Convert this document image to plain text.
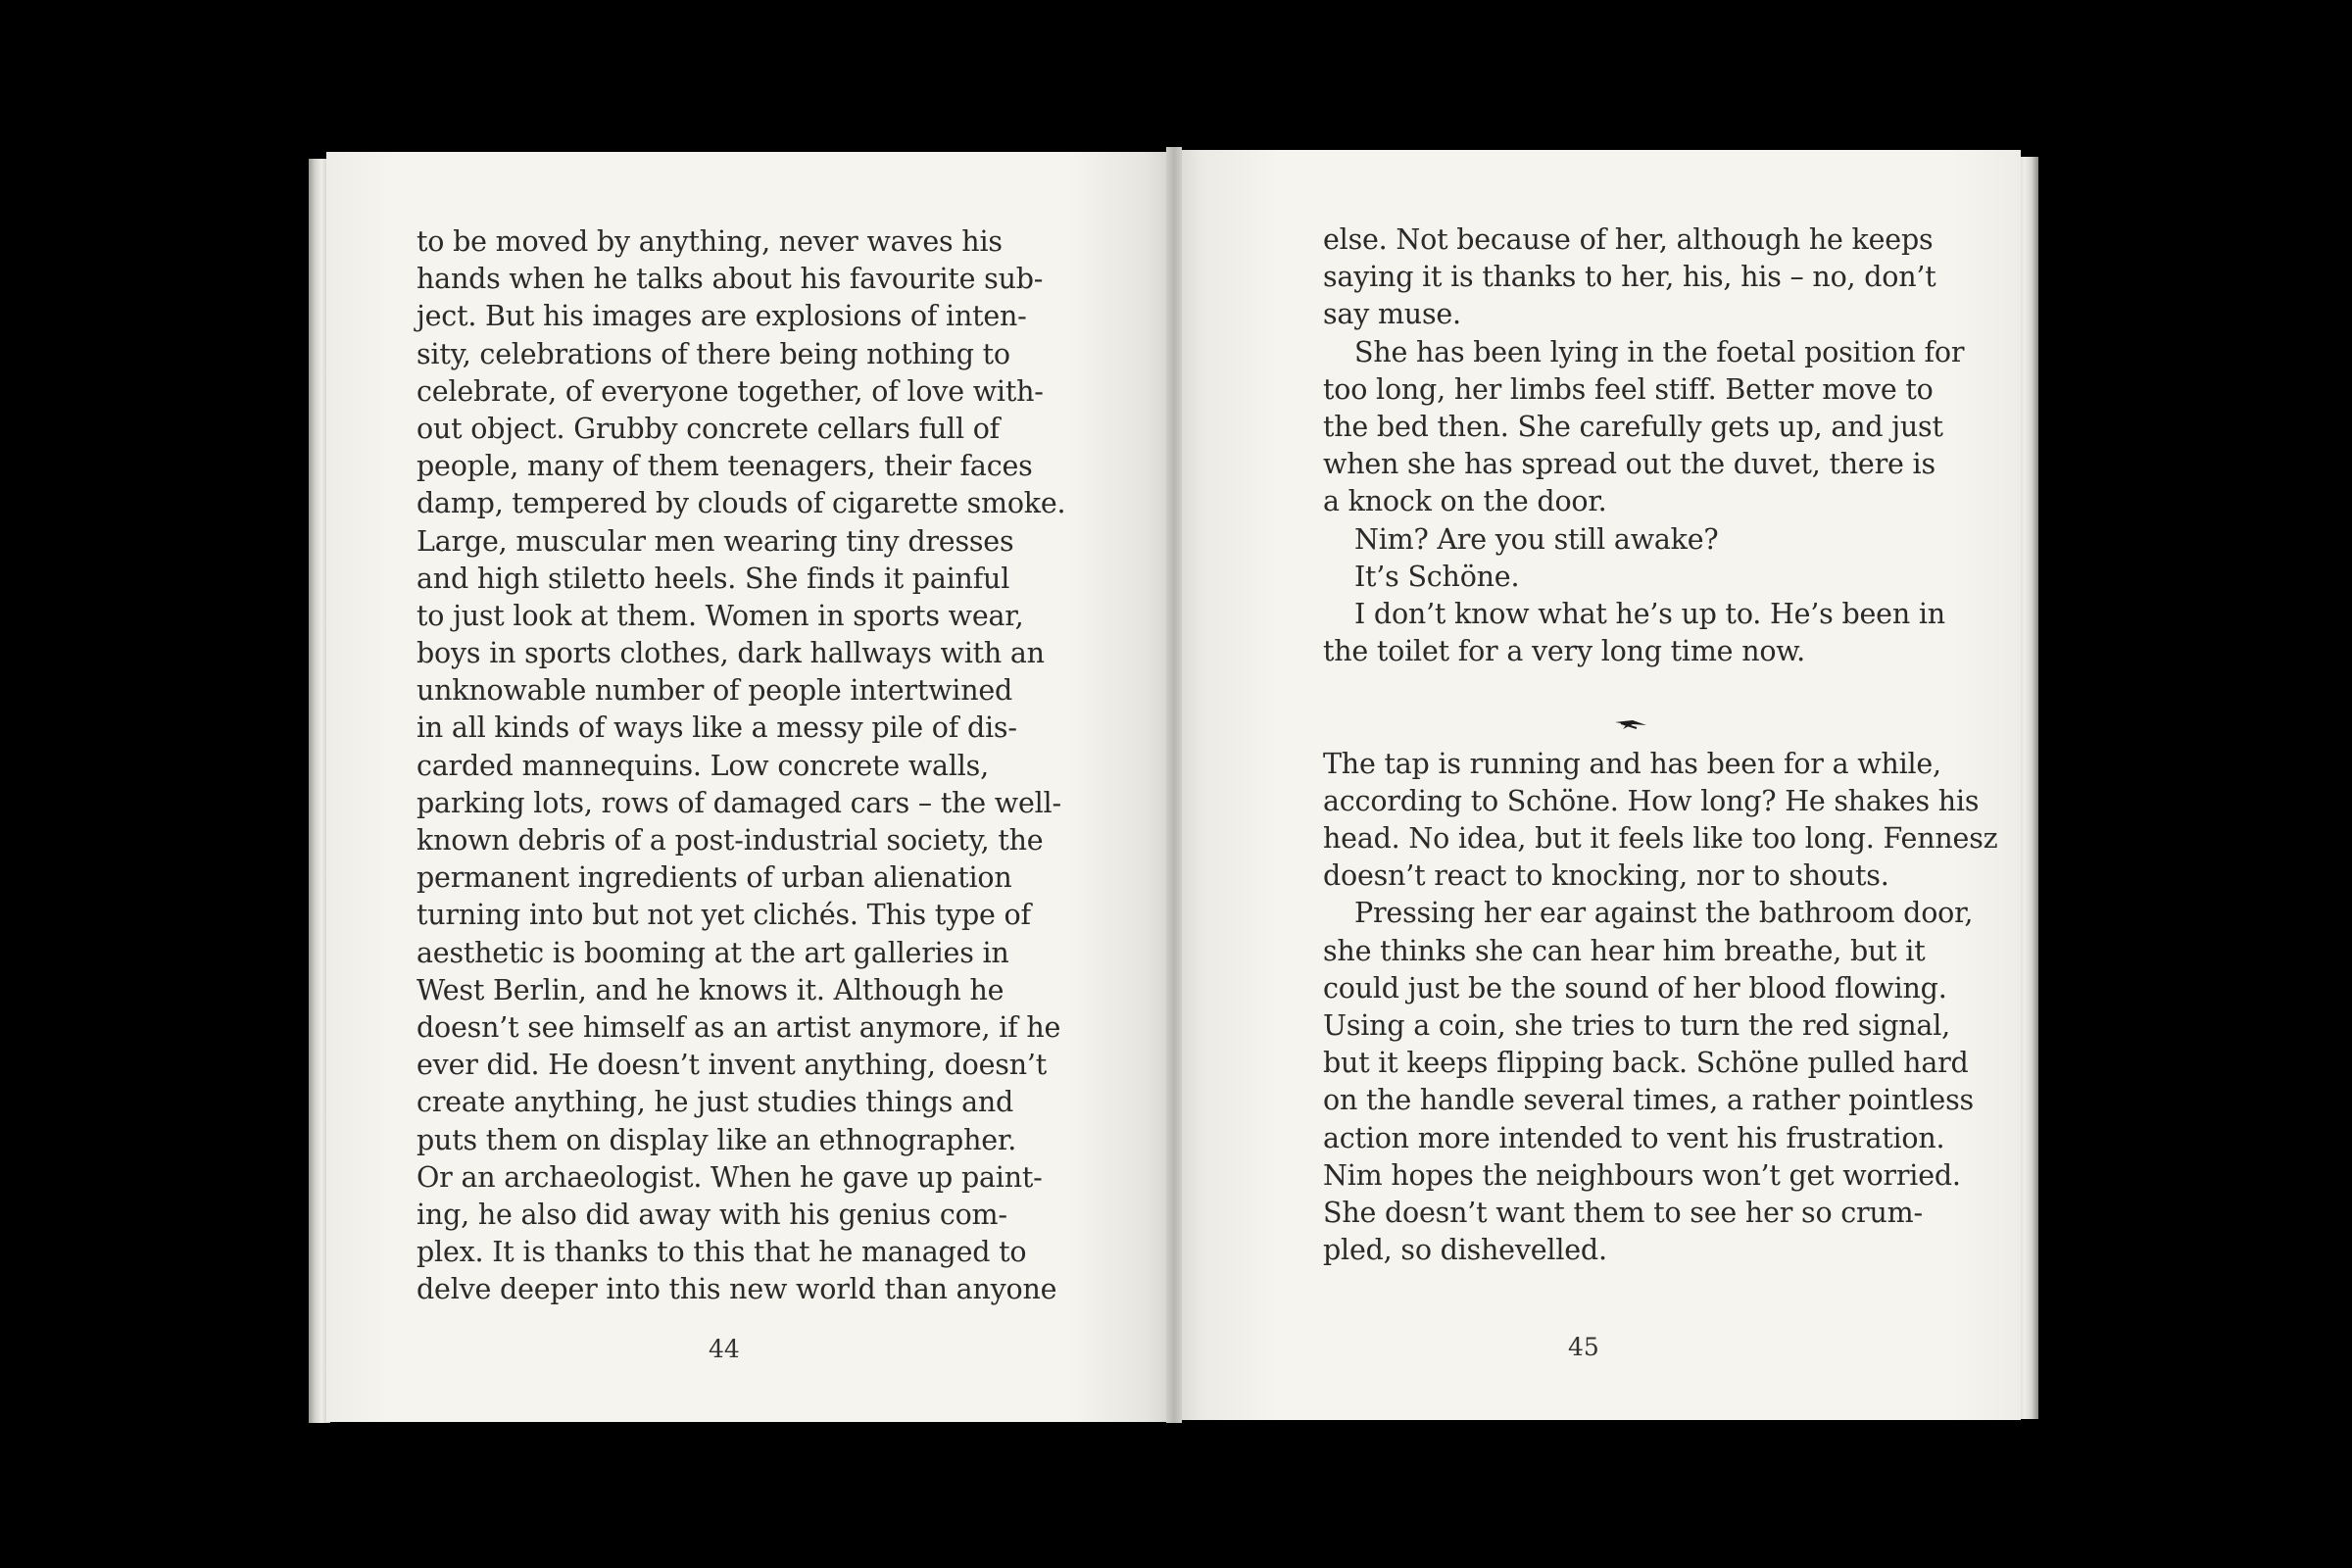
to be moved by anything, never waves his
hands when he talks about his favourite sub-
ject. But his images are explosions of inten-
sity, celebrations of there being nothing to
celebrate, of everyone together, of love with-
out object. Grubby concrete cellars full of
people, many of them teenagers, their faces
damp, tempered by clouds of cigarette smoke.
Large, muscular men wearing tiny dresses
and high stiletto heels. She finds it painful
to just look at them. Women in sports wear,
boys in sports clothes, dark hallways with an
unknowable number of people intertwined
in all kinds of ways like a messy pile of dis-
carded mannequins. Low concrete walls,
parking lots, rows of damaged cars – the well-
known debris of a post-industrial society, the
permanent ingredients of urban alienation
turning into but not yet clichés. This type of
aesthetic is booming at the art galleries in
West Berlin, and he knows it. Although he
doesn’t see himself as an artist anymore, if he
ever did. He doesn’t invent anything, doesn’t
create anything, he just studies things and
puts them on display like an ethnographer.
Or an archaeologist. When he gave up paint-
ing, he also did away with his genius com-
plex. It is thanks to this that he managed to
delve deeper into this new world than anyone
44
else. Not because of her, although he keeps
saying it is thanks to her, his, his – no, don’t
say muse.
She has been lying in the foetal position for
too long, her limbs feel stiff. Better move to
the bed then. She carefully gets up, and just
when she has spread out the duvet, there is
a knock on the door.
Nim? Are you still awake?
It’s Schöne.
I don’t know what he’s up to. He’s been in
the toilet for a very long time now.
The tap is running and has been for a while,
according to Schöne. How long? He shakes his
head. No idea, but it feels like too long. Fennesz
doesn’t react to knocking, nor to shouts.
Pressing her ear against the bathroom door,
she thinks she can hear him breathe, but it
could just be the sound of her blood flowing.
Using a coin, she tries to turn the red signal,
but it keeps flipping back. Schöne pulled hard
on the handle several times, a rather pointless
action more intended to vent his frustration.
Nim hopes the neighbours won’t get worried.
She doesn’t want them to see her so crum-
pled, so dishevelled.
45
